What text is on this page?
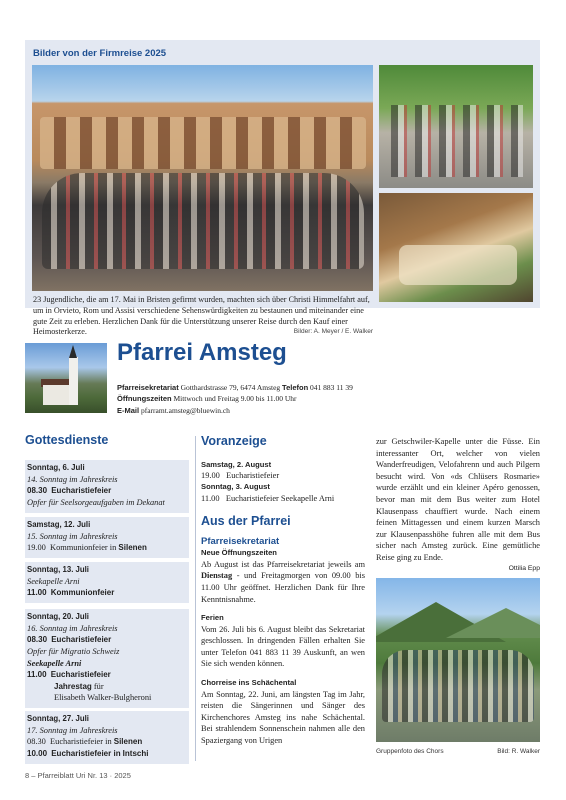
Bilder von der Firmreise 2025
23 Jugendliche, die am 17. Mai in Bristen gefirmt wurden, machten sich über Christi Himmelfahrt auf, um in Orvieto, Rom und Assisi verschiedene Sehenswürdigkeiten zu bestaunen und miteinander eine gute Zeit zu erleben. Herzlichen Dank für die Unterstützung unserer Reise durch den Kauf einer Heimosterkerze.	Bilder: A. Meyer / E. Walker
Pfarrei Amsteg
Pfarreisekretariat Gotthardstrasse 79, 6474 Amsteg Telefon 041 883 11 39
Öffnungszeiten Mittwoch und Freitag 9.00 bis 11.00 Uhr
E-Mail pfarramt.amsteg@bluewin.ch
Gottesdienste
Sonntag, 6. Juli
14. Sonntag im Jahreskreis
08.30 Eucharistiefeier
Opfer für Seelsorgeaufgaben im Dekanat
Samstag, 12. Juli
15. Sonntag im Jahreskreis
19.00 Kommunionfeier in Silenen
Sonntag, 13. Juli
Seekapelle Arni
11.00 Kommunionfeier
Sonntag, 20. Juli
16. Sonntag im Jahreskreis
08.30 Eucharistiefeier
Opfer für Migratio Schweiz
Seekapelle Arni
11.00 Eucharistiefeier
Jahrestag für
Elisabeth Walker-Bulgheroni
Sonntag, 27. Juli
17. Sonntag im Jahreskreis
08.30 Eucharistiefeier in Silenen
10.00 Eucharistiefeier in Intschi
Voranzeige
Samstag, 2. August
19.00 Eucharistiefeier
Sonntag, 3. August
11.00 Eucharistiefeier Seekapelle Arni
Aus der Pfarrei
Pfarreisekretariat
Neue Öffnungszeiten
Ab August ist das Pfarreisekretariat jeweils am Dienstag - und Freitagmorgen von 09.00 bis 11.00 Uhr geöffnet. Herzlichen Dank für Ihre Kenntnisnahme.
Ferien
Vom 26. Juli bis 6. August bleibt das Sekretariat geschlossen. In dringenden Fällen erhalten Sie unter Telefon 041 883 11 39 Auskunft, an wen Sie sich wenden können.
Chorreise ins Schächental
Am Sonntag, 22. Juni, am längsten Tag im Jahr, reisten die Sängerinnen und Sänger des Kirchenchores Amsteg ins nahe Schächental. Bei strahlendem Sonnenschein nahmen alle den Spaziergang von Urigen
zur Getschwiler-Kapelle unter die Füsse. Ein interessanter Ort, welcher von vielen Wanderfreudigen, Velofahrenn und auch Pilgern besucht wird. Von «ds Chlüsers Rosmarie» wurde erzählt und ein kleiner Apéro genossen, bevor man mit dem Bus weiter zum Hotel Klausenpass chauffiert wurde. Nach einem feinen Mittagessen und einem kurzen Marsch zur Klausenpasshöhe fuhren alle mit dem Bus sicher nach Amsteg zurück. Eine gemütliche Reise ging zu Ende.
Ottilia Epp
Gruppenfoto des Chors	Bild: R. Walker
8 – Pfarreiblatt Uri Nr. 13 · 2025
